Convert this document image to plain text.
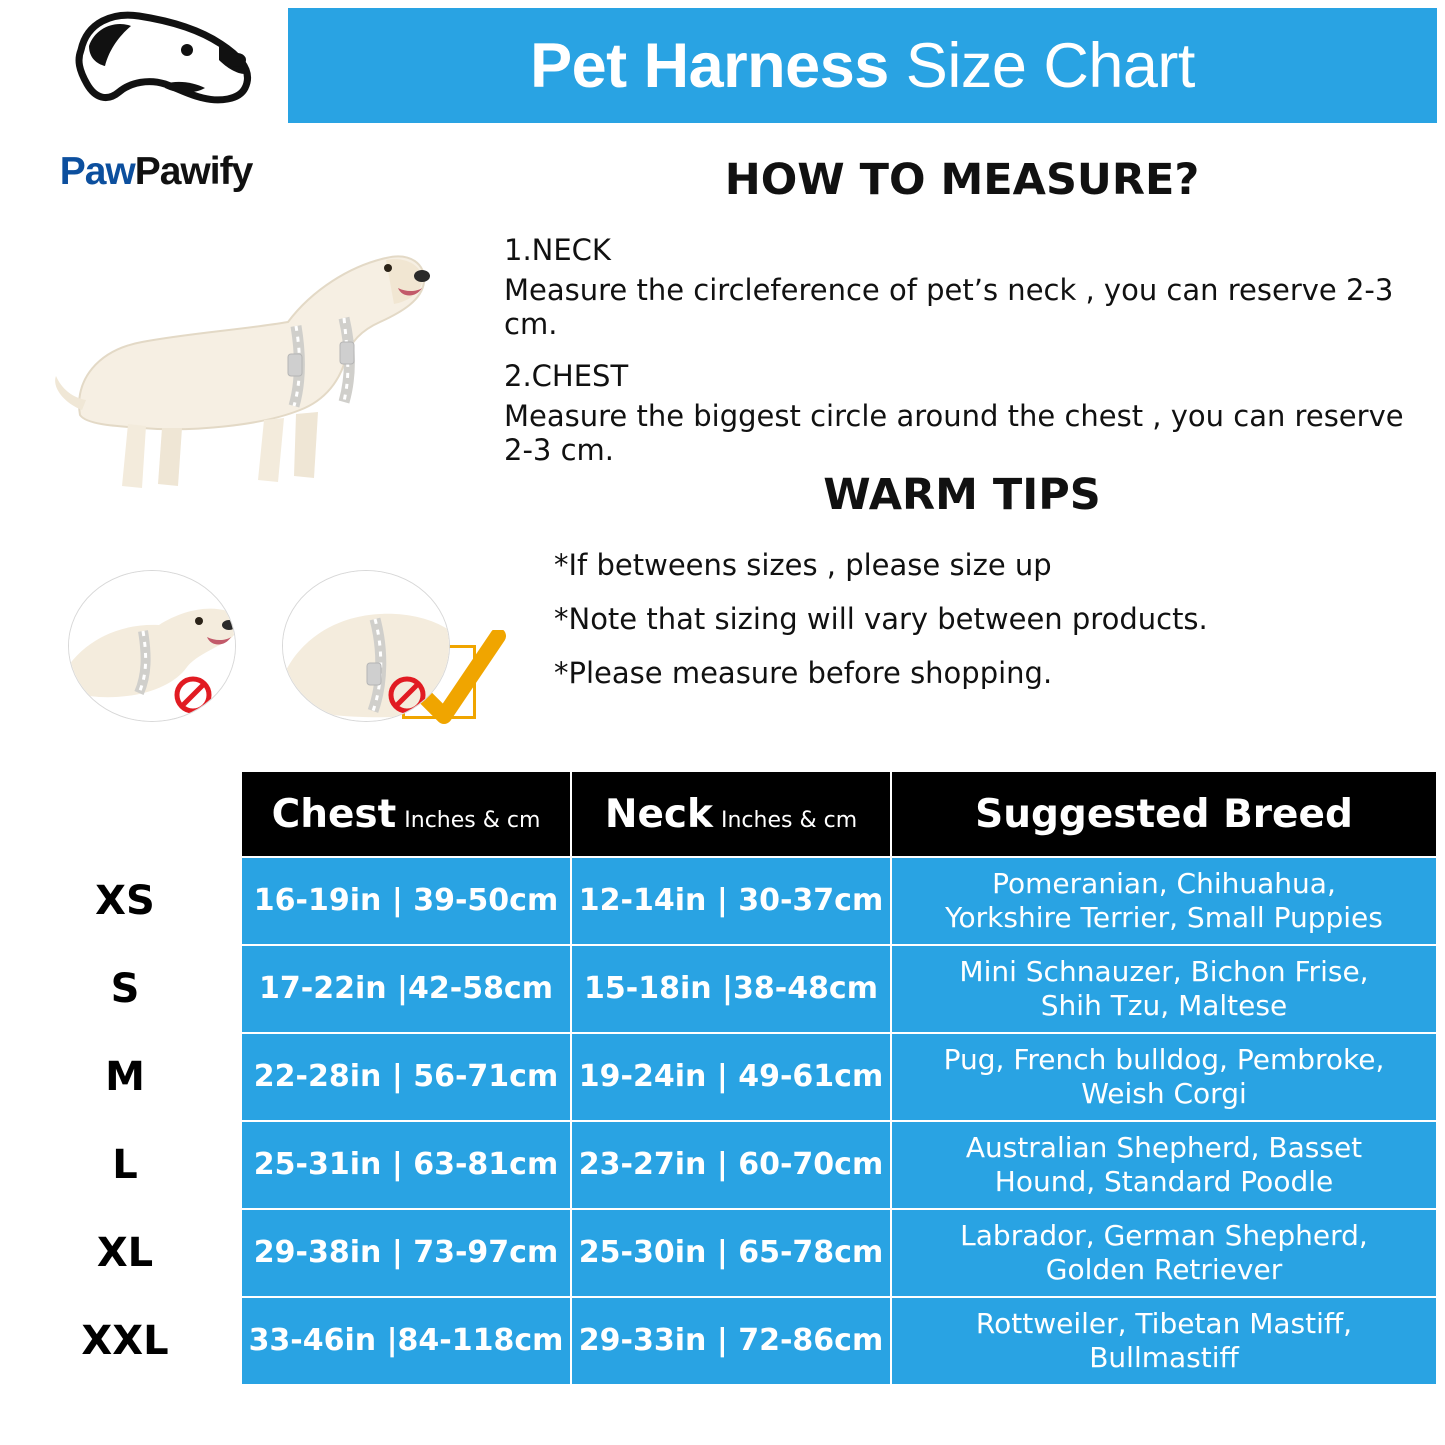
Pet Harness Size Chart
PawPawify	HOW TO MEASURE?

1.NECK

Measure the circleference of pet’s neck , you can reserve 2-3 cm.

2.CHEST

Measure the biggest circle around the chest , you can reserve 2-3 cm.

WARM TIPS

*If betweens sizes , please size up

*Note that sizing will vary between products.

*Please measure before shopping.

	Chest Inches & cm	Neck Inches & cm	Suggested Breed
XS	16-19in | 39-50cm	12-14in | 30-37cm	Pomeranian, Chihuahua,
Yorkshire Terrier, Small Puppies
S	17-22in |42-58cm	15-18in |38-48cm	Mini Schnauzer, Bichon Frise,
Shih Tzu, Maltese
M	22-28in | 56-71cm	19-24in | 49-61cm	Pug, French bulldog, Pembroke,
Weish Corgi
L	25-31in | 63-81cm	23-27in | 60-70cm	Australian Shepherd, Basset
Hound, Standard Poodle
XL	29-38in | 73-97cm	25-30in | 65-78cm	Labrador, German Shepherd,
Golden Retriever
XXL	33-46in |84-118cm	29-33in | 72-86cm	Rottweiler, Tibetan Mastiff,
Bullmastiff
